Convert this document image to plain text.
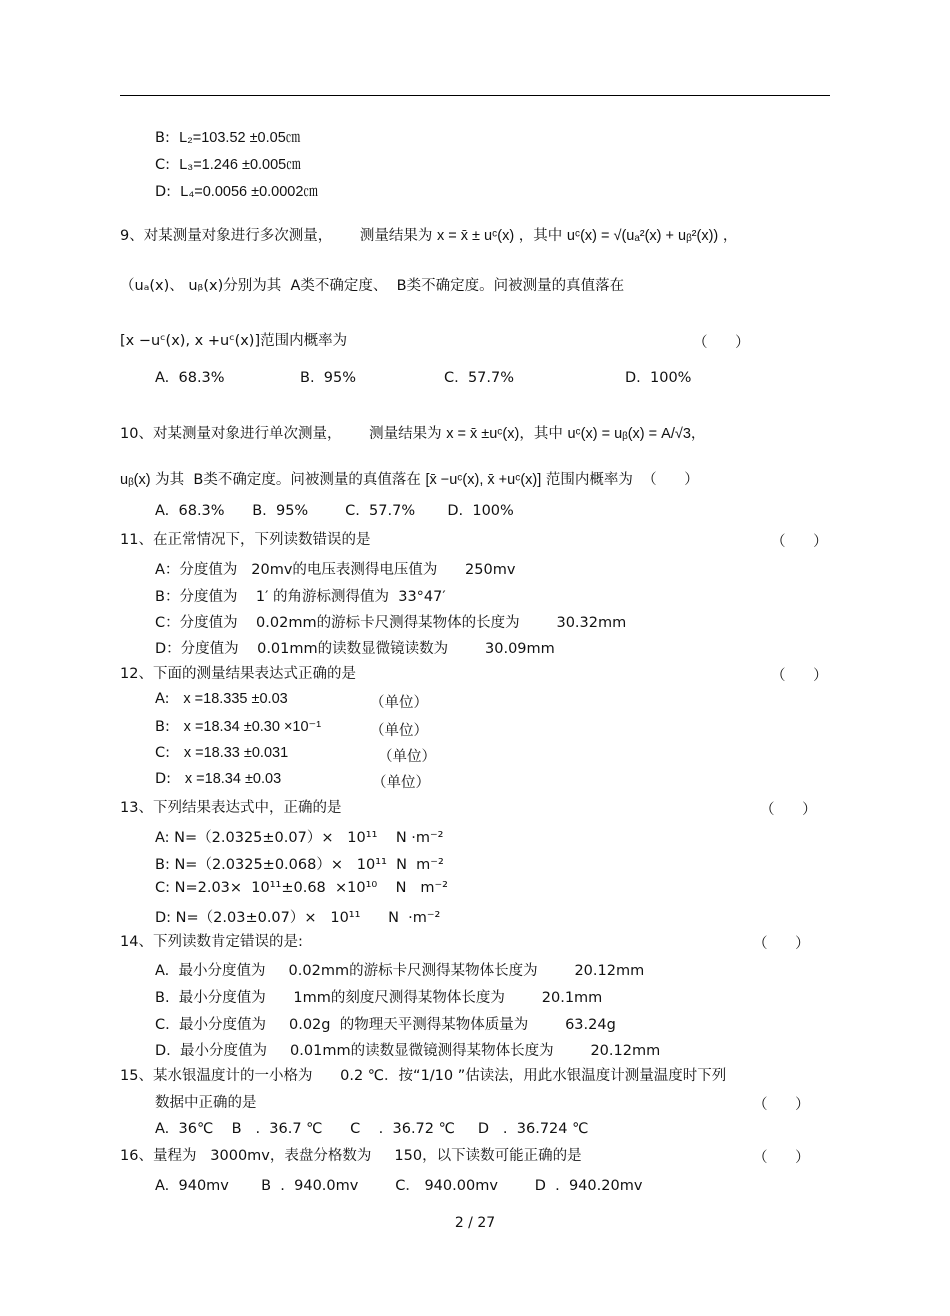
B: L₂=103.52 ±0.05㎝
C: L₃=1.246 ±0.005㎝
D: L₄=0.0056 ±0.0002㎝
9、对某测量对象进行多次测量，      测量结果为 x = x̄ ± uᶜ(x) ，其中 uᶜ(x) = √(uₐ²(x) + uᵦ²(x)) ，
（uₐ(x)、 uᵦ(x)分别为其  A类不确定度、  B类不确定度。问被测量的真值落在
[x −uᶜ(x), x +uᶜ(x)]范围内概率为	（      ）
A.  68.3%	B.  95%	C.  57.7%	D.  100%
10、对某测量对象进行单次测量，      测量结果为 x = x̄ ±uᶜ(x)，其中 uᶜ(x) = uᵦ(x) = A/√3，
uᵦ(x) 为其  B类不确定度。问被测量的真值落在 [x̄ −uᶜ(x), x̄ +uᶜ(x)] 范围内概率为  （      ）
A.  68.3%      B.  95%        C.  57.7%       D.  100%
11、在正常情况下，下列读数错误的是	（      ）
A：分度值为   20mv的电压表测得电压值为      250mv
B：分度值为    1′ 的角游标测得值为  33°47′
C：分度值为    0.02mm的游标卡尺测得某物体的长度为        30.32mm
D：分度值为    0.01mm的读数显微镜读数为        30.09mm
12、下面的测量结果表达式正确的是	（      ）
A: x =18.335 ±0.03	（单位）
B: x =18.34 ±0.30 ×10⁻¹	（单位）
C: x =18.33 ±0.031	（单位）
D: x =18.34 ±0.03	（单位）
13、下列结果表达式中，正确的是	（      ）
A: N=（2.0325±0.07）×   10¹¹    N ·m⁻²
B: N=（2.0325±0.068）×   10¹¹  N  m⁻²
C: N=2.03×  10¹¹±0.68  ×10¹⁰    N   m⁻²
D: N=（2.03±0.07）×   10¹¹      N  ·m⁻²
14、下列读数肯定错误的是:	（      ）
A.  最小分度值为     0.02mm的游标卡尺测得某物体长度为        20.12mm
B.  最小分度值为      1mm的刻度尺测得某物体长度为        20.1mm
C.  最小分度值为     0.02g  的物理天平测得某物体质量为        63.24g
D.  最小分度值为     0.01mm的读数显微镜测得某物体长度为        20.12mm
15、某水银温度计的一小格为      0.2 ℃．按“1/10 ”估读法，用此水银温度计测量温度时下列
数据中正确的是	（      ）
A.  36℃    B   .  36.7 ℃      C    .  36.72 ℃     D   .  36.724 ℃
16、量程为   3000mv，表盘分格数为     150，以下读数可能正确的是	（      ）
A.  940mv       B  .  940.0mv        C． 940.00mv        D  .  940.20mv
2 / 27
